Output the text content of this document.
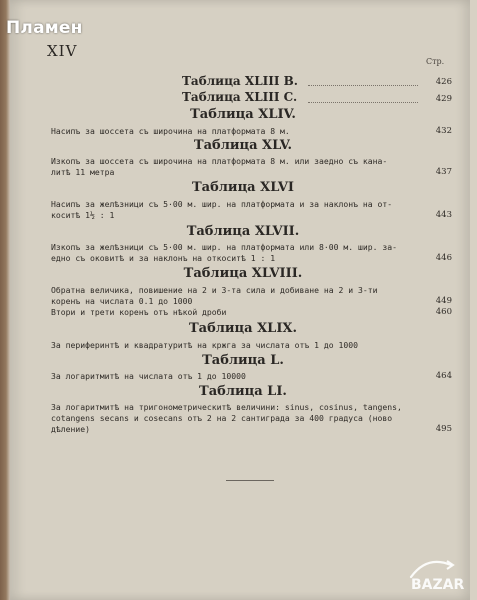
XIV
Стр.
Таблица XLIII B.	426
Таблица XLIII C.	429
Таблица XLIV.
Насипъ за шоссета съ широчина на платформата 8 м.	432
Таблица XLV.
Изкопъ за шоссета съ широчина на платформата 8 м. или заедно съ кана-
литѣ 11 метра	437
Таблица XLVI
Насипъ за желѣзници съ 5·00 м. шир. на платформата и за наклонъ на от-
коситѣ 1½ : 1	443
Таблица XLVII.
Изкопъ за желѣзници съ 5·00 м. шир. на платформата или 8·00 м. шир. за-
едно съ оковитѣ и за наклонъ на откоситѣ 1 : 1	446
Таблица XLVIII.
Обратна величика, повишение на 2 и 3-та сила и добиване на 2 и 3-ти
коренъ на числата 0.1 до 1000	449
Втори и трети коренъ отъ нѣкой дроби	460
Таблица XLIX.
За периферинтѣ и квадратуритѣ на кржга за числата отъ 1 до 1000
Таблица L.
За логаритмитѣ на числата отъ 1 до 10000	464
Таблица LI.
За логаритмитѣ на тригонометрическитѣ величини: sinus, cosinus, tangens,
cotangens secans и cosecans отъ 2 на 2 сантиграда за 400 градуса (ново
дѣление)	495
Пламен
BAZAR
